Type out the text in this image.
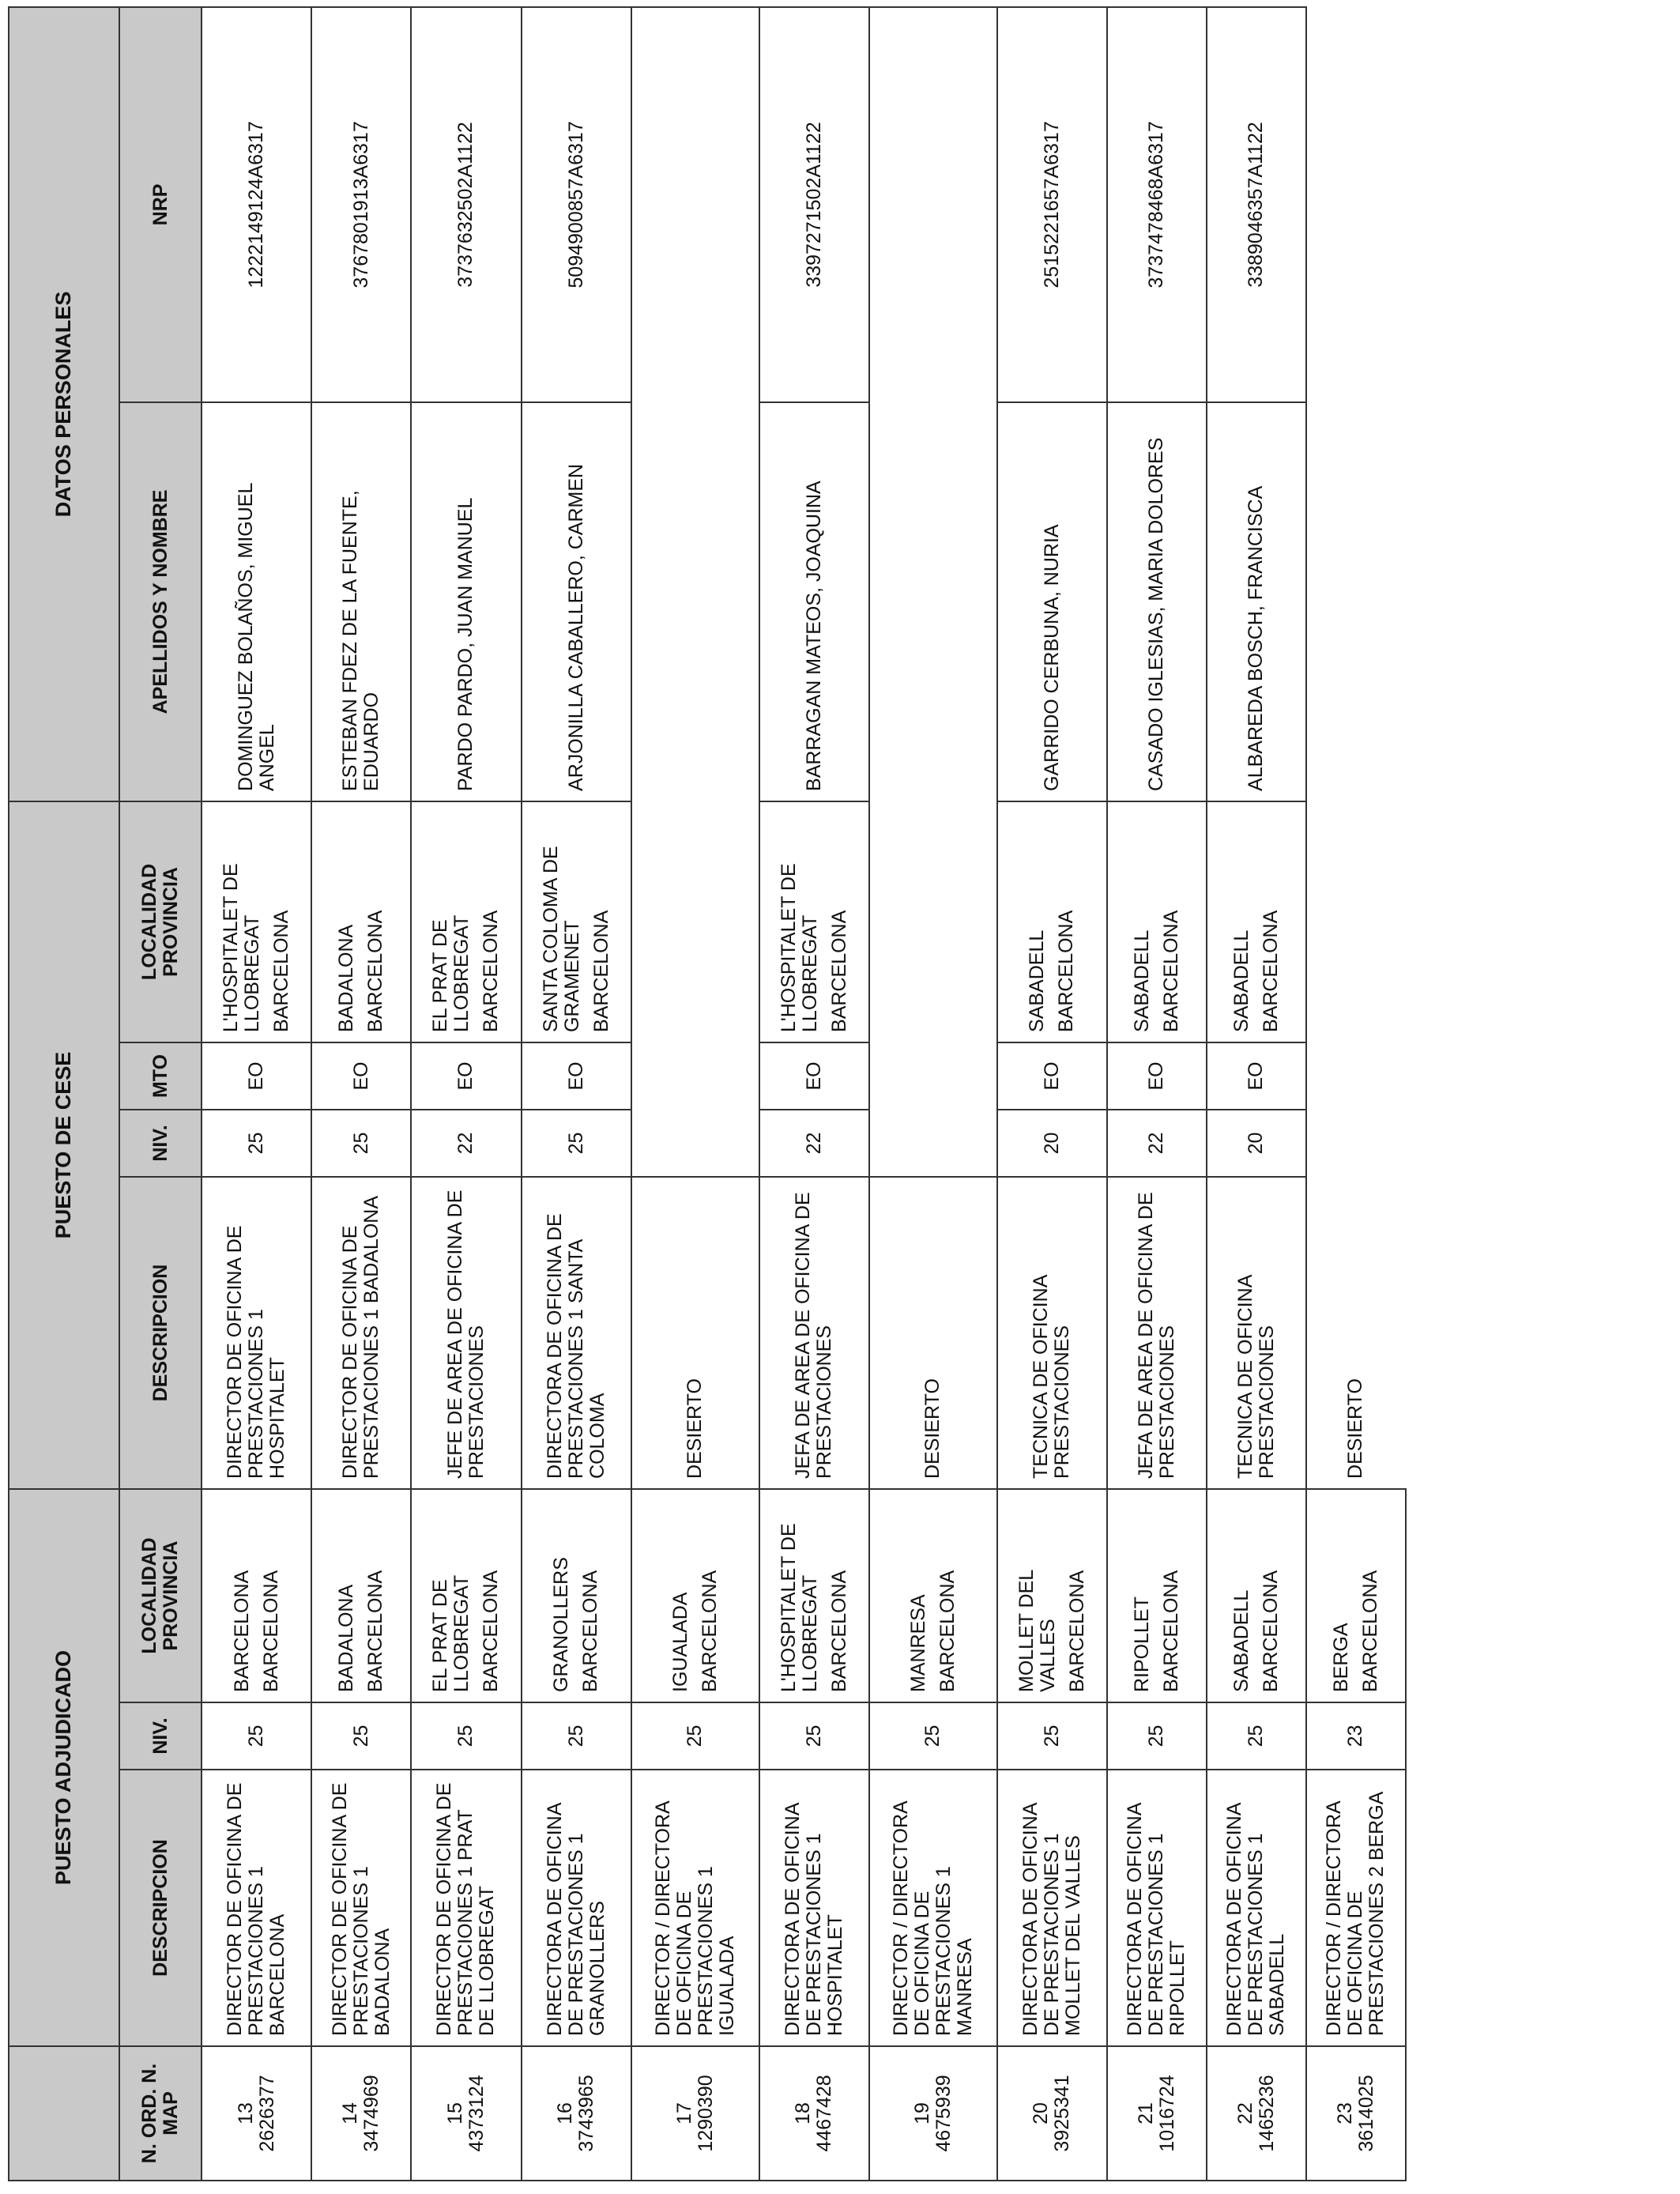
	PUESTO ADJUDICADO			PUESTO DE CESE				DATOS PERSONALES	
N. ORD. N. MAP	DESCRIPCION	NIV.	LOCALIDAD PROVINCIA	DESCRIPCION	NIV.	MTO	LOCALIDAD PROVINCIA	APELLIDOS Y NOMBRE	NRP

13 2626377	DIRECTOR DE OFICINA DE PRESTACIONES 1 BARCELONA	25	BARCELONA BARCELONA	DIRECTOR DE OFICINA DE PRESTACIONES 1 HOSPITALET	25	EO	L'HOSPITALET DE LLOBREGAT BARCELONA	DOMINGUEZ BOLAÑOS, MIGUEL ANGEL	1222149124A6317

14 3474969	DIRECTOR DE OFICINA DE PRESTACIONES 1 BADALONA	25	BADALONA BARCELONA	DIRECTOR DE OFICINA DE PRESTACIONES 1 BADALONA	25	EO	BADALONA BARCELONA	ESTEBAN FDEZ DE LA FUENTE, EDUARDO	3767801913A6317

15 4373124	DIRECTOR DE OFICINA DE PRESTACIONES 1 PRAT DE LLOBREGAT	25	EL PRAT DE LLOBREGAT BARCELONA	JEFE DE AREA DE OFICINA DE PRESTACIONES	22	EO	EL PRAT DE LLOBREGAT BARCELONA	PARDO PARDO, JUAN MANUEL	3737632502A1122

16 3743965	DIRECTORA DE OFICINA DE PRESTACIONES 1 GRANOLLERS	25	GRANOLLERS BARCELONA	DIRECTORA DE OFICINA DE PRESTACIONES 1 SANTA COLOMA	25	EO	SANTA COLOMA DE GRAMENET BARCELONA	ARJONILLA CABALLERO, CARMEN	5094900857A6317

17 1290390	DIRECTOR / DIRECTORA DE OFICINA DE PRESTACIONES 1 IGUALADA	25	IGUALADA BARCELONA	DESIERTO					

18 4467428	DIRECTORA DE OFICINA DE PRESTACIONES 1 HOSPITALET	25	L'HOSPITALET DE LLOBREGAT BARCELONA	JEFA DE AREA DE OFICINA DE PRESTACIONES	22	EO	L'HOSPITALET DE LLOBREGAT BARCELONA	BARRAGAN MATEOS, JOAQUINA	3397271502A1122

19 4675939	DIRECTOR / DIRECTORA DE OFICINA DE PRESTACIONES 1 MANRESA	25	MANRESA BARCELONA	DESIERTO					

20 3925341	DIRECTORA DE OFICINA DE PRESTACIONES 1 MOLLET DEL VALLES	25	MOLLET DEL VALLES BARCELONA	TECNICA DE OFICINA PRESTACIONES	20	EO	SABADELL BARCELONA	GARRIDO CERBUNA, NURIA	2515221657A6317

21 1016724	DIRECTORA DE OFICINA DE PRESTACIONES 1 RIPOLLET	25	RIPOLLET BARCELONA	JEFA DE AREA DE OFICINA DE PRESTACIONES	22	EO	SABADELL BARCELONA	CASADO IGLESIAS, MARIA DOLORES	3737478468A6317

22 1465236	DIRECTORA DE OFICINA DE PRESTACIONES 1 SABADELL	25	SABADELL BARCELONA	TECNICA DE OFICINA PRESTACIONES	20	EO	SABADELL BARCELONA	ALBAREDA BOSCH, FRANCISCA	3389046357A1122

23 3614025	DIRECTOR / DIRECTORA DE OFICINA DE PRESTACIONES 2 BERGA	23	BERGA BARCELONA	DESIERTO					
